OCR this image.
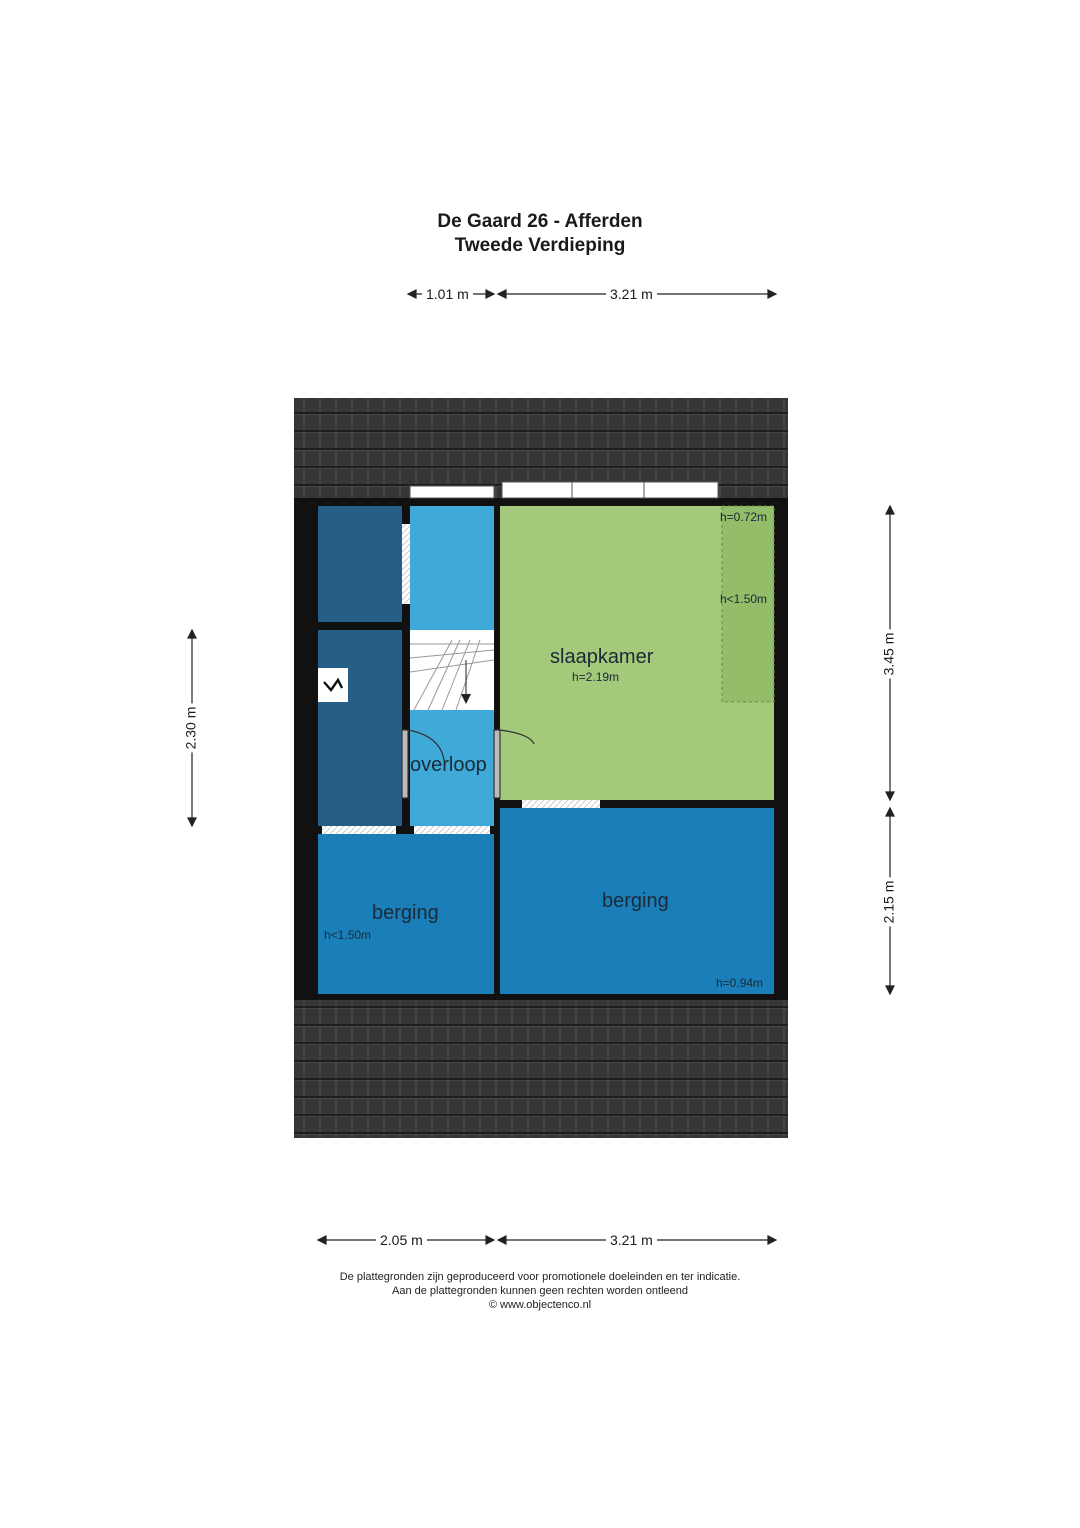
De Gaard 26 - Afferden
Tweede Verdieping
1.01 m	3.21 m
2.05 m	3.21 m
2.30 m
3.45 m
2.15 m
slaapkamer
h=2.19m
h=0.72m
h<1.50m
overloop
berging
h<1.50m
berging
h=0.94m
De plattegronden zijn geproduceerd voor promotionele doeleinden en ter indicatie.
Aan de plattegronden kunnen geen rechten worden ontleend
© www.objectenco.nl
